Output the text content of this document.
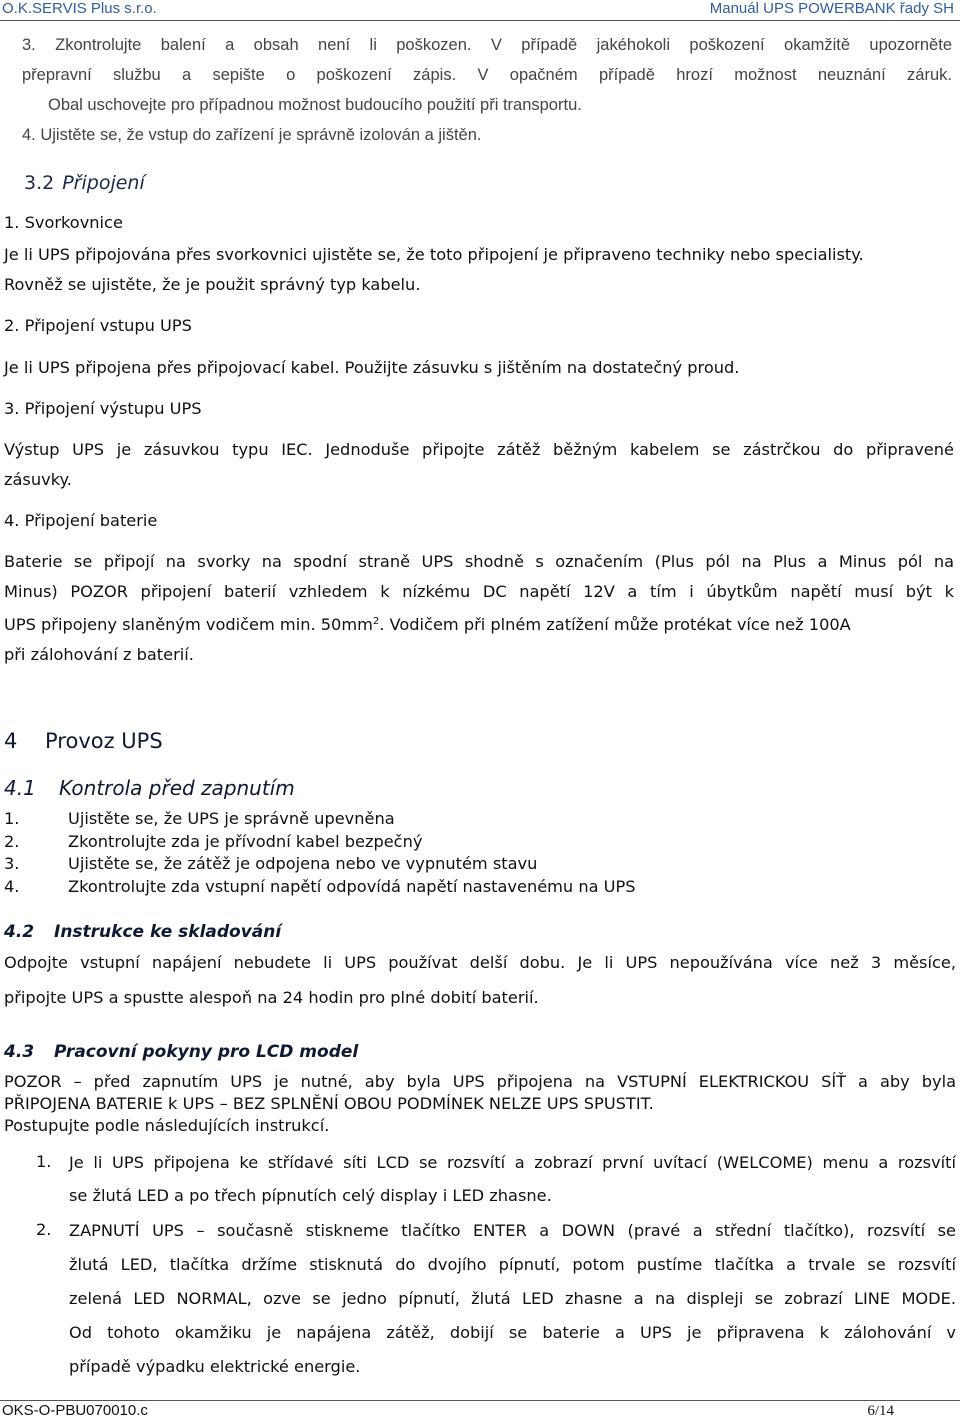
O.K.SERVIS Plus s.r.o.	Manuál UPS POWERBANK řady SH
3. Zkontrolujte balení a obsah není li poškozen. V případě jakéhokoli poškození okamžitě upozorněte
přepravní službu a sepište o poškození zápis. V opačném případě hrozí možnost neuznání záruk.
Obal uschovejte pro případnou možnost budoucího použití při transportu.
4. Ujistěte se, že vstup do zařízení je správně izolován a jištěn.
3.2 Připojení
1. Svorkovnice
Je li UPS připojována přes svorkovnici ujistěte se, že toto připojení je připraveno techniky nebo specialisty.
Rovněž se ujistěte, že je použit správný typ kabelu.
2. Připojení vstupu UPS
Je li UPS připojena přes připojovací kabel. Použijte zásuvku s jištěním na dostatečný proud.
3. Připojení výstupu UPS
Výstup UPS je zásuvkou typu IEC. Jednoduše připojte zátěž běžným kabelem se zástrčkou do připravené
zásuvky.
4. Připojení baterie
Baterie se připojí na svorky na spodní straně UPS shodně s označením (Plus pól na Plus a Minus pól na
Minus) POZOR připojení baterií vzhledem k nízkému DC napětí 12V a tím i úbytkům napětí musí být k
UPS připojeny slaněným vodičem min. $50mm^2$. Vodičem při plném zatížení může protékat více než 100A
při zálohování z baterií.
4 Provoz UPS
4.1 Kontrola před zapnutím
1.	Ujistěte se, že UPS je správně upevněna
2.	Zkontrolujte zda je přívodní kabel bezpečný
3.	Ujistěte se, že zátěž je odpojena nebo ve vypnutém stavu
4.	Zkontrolujte zda vstupní napětí odpovídá napětí nastavenému na UPS
4.2 Instrukce ke skladování
Odpojte vstupní napájení nebudete li UPS používat delší dobu. Je li UPS nepoužívána více než 3 měsíce,
připojte UPS a spustte alespoň na 24 hodin pro plné dobití baterií.
4.3 Pracovní pokyny pro LCD model
POZOR – před zapnutím UPS je nutné, aby byla UPS připojena na VSTUPNÍ ELEKTRICKOU SÍŤ a aby byla
PŘIPOJENA BATERIE k UPS – BEZ SPLNĚNÍ OBOU PODMÍNEK NELZE UPS SPUSTIT.
Postupujte podle následujících instrukcí.
1. Je li UPS připojena ke střídavé síti LCD se rozsvítí a zobrazí první uvítací (WELCOME) menu a rozsvítí
se žlutá LED a po třech pípnutích celý display i LED zhasne.
2. ZAPNUTÍ UPS – současně stiskneme tlačítko ENTER a DOWN (pravé a střední tlačítko), rozsvítí se
žlutá LED, tlačítka držíme stisknutá do dvojího pípnutí, potom pustíme tlačítka a trvale se rozsvítí
zelená LED NORMAL, ozve se jedno pípnutí, žlutá LED zhasne a na displeji se zobrazí LINE MODE.
Od tohoto okamžiku je napájena zátěž, dobijí se baterie a UPS je připravena k zálohování v
případě výpadku elektrické energie.
OKS-O-PBU070010.c	6/14
